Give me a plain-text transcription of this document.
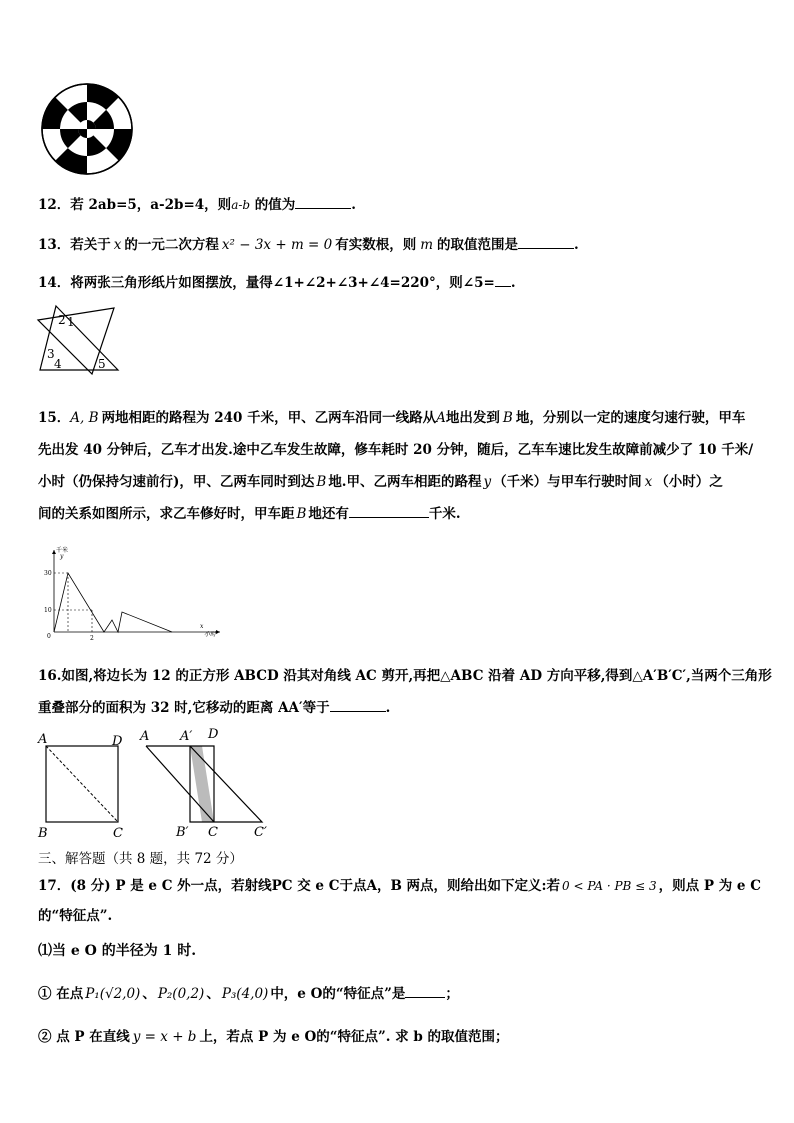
12．若 2ab=5，a-2b=4，则a-b 的值为	.
13．若关于 x 的一元二次方程 x² − 3x + m = 0 有实数根，则 m 的取值范围是	.
14．将两张三角形纸片如图摆放，量得∠1+∠2+∠3+∠4=220°，则∠5= .
2 1
3
4	5
15．A, B 两地相距的路程为 240 千米，甲、乙两车沿同一线路从A地出发到 B 地，分别以一定的速度匀速行驶，甲车
先出发 40 分钟后，乙车才出发.途中乙车发生故障，修车耗时 20 分钟，随后，乙车车速比发生故障前减少了 10 千米/
小时（仍保持匀速前行)，甲、乙两车同时到达 B 地.甲、乙两车相距的路程 y （千米）与甲车行驶时间 x （小时）之
间的关系如图所示，求乙车修好时，甲车距 B 地还有	千米.
千米
y
x
小时
0
30
10
2
16.如图,将边长为 12 的正方形 ABCD 沿其对角线 AC 剪开,再把△ABC 沿着 AD 方向平移,得到△A′B′C′,当两个三角形
重叠部分的面积为 32 时,它移动的距离 AA′等于	.
A	D
B	C
A A′ D
B′ C	C′
三、解答题（共 8 题，共 72 分）
17．(8 分) P 是 e C 外一点，若射线PC 交 e C于点A，B 两点，则给出如下定义:若 0 < PA · PB ≤ 3 ，则点 P 为 e C
的“特征点”.
⑴当 e O 的半径为 1 时.
① 在点 P₁(√2,0) 、 P₂(0,2) 、 P₃(4,0) 中，e O的“特征点”是	；
② 点 P 在直线 y = x + b 上，若点 P 为 e O的“特征点”. 求 b 的取值范围；
